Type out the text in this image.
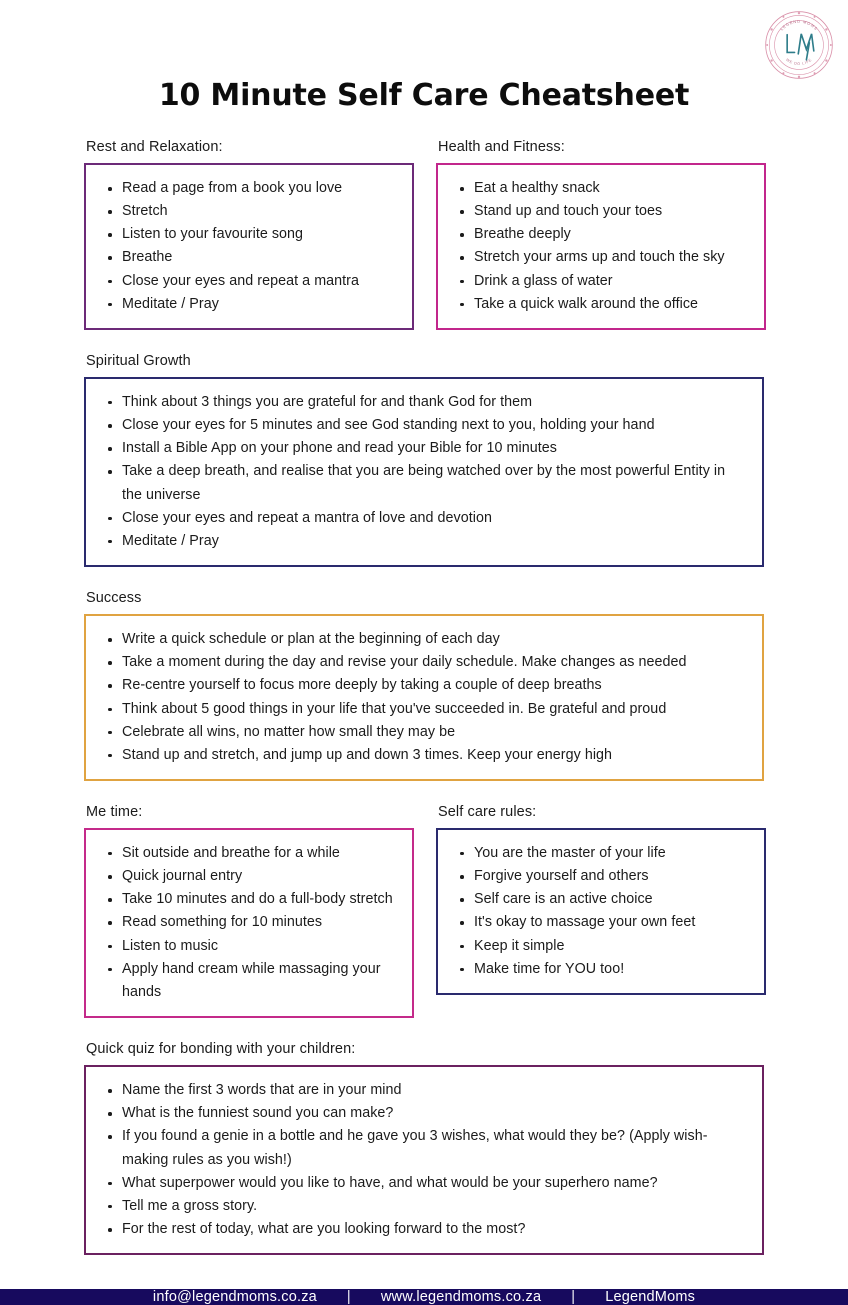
LEGEND MOMS
WE DO LIFE
10 Minute Self Care Cheatsheet
Rest and Relaxation:
Read a page from a book you love
Stretch
Listen to your favourite song
Breathe
Close your eyes and repeat a mantra
Meditate / Pray
Health and Fitness:
Eat a healthy snack
Stand up and touch your toes
Breathe deeply
Stretch your arms up and touch the sky
Drink a glass of water
Take a quick walk around the office
Spiritual Growth
Think about 3 things you are grateful for and thank God for them
Close your eyes for 5 minutes and see God standing next to you, holding your hand
Install a Bible App on your phone and read your Bible for 10 minutes
Take a deep breath, and realise that you are being watched over by the most powerful Entity in the universe
Close your eyes and repeat a mantra of love and devotion
Meditate / Pray
Success
Write a quick schedule or plan at the beginning of each day
Take a moment during the day and revise your daily schedule. Make changes as needed
Re-centre yourself to focus more deeply by taking a couple of deep breaths
Think about 5 good things in your life that you've succeeded in. Be grateful and proud
Celebrate all wins, no matter how small they may be
Stand up and stretch, and jump up and down 3 times. Keep your energy high
Me time:
Sit outside and breathe for a while
Quick journal entry
Take 10 minutes and do a full-body stretch
Read something for 10 minutes
Listen to music
Apply hand cream while massaging your hands
Self care rules:
You are the master of your life
Forgive yourself and others
Self care is an active choice
It's okay to massage your own feet
Keep it simple
Make time for YOU too!
Quick quiz for bonding with your children:
Name the first 3 words that are in your mind
What is the funniest sound you can make?
If you found a genie in a bottle and he gave you 3 wishes, what would they be? (Apply wish-making rules as you wish!)
What superpower would you like to have, and what would be your superhero name?
Tell me a gross story.
For the rest of today, what are you looking forward to the most?
info@legendmoms.co.za	|	www.legendmoms.co.za	|	LegendMoms
